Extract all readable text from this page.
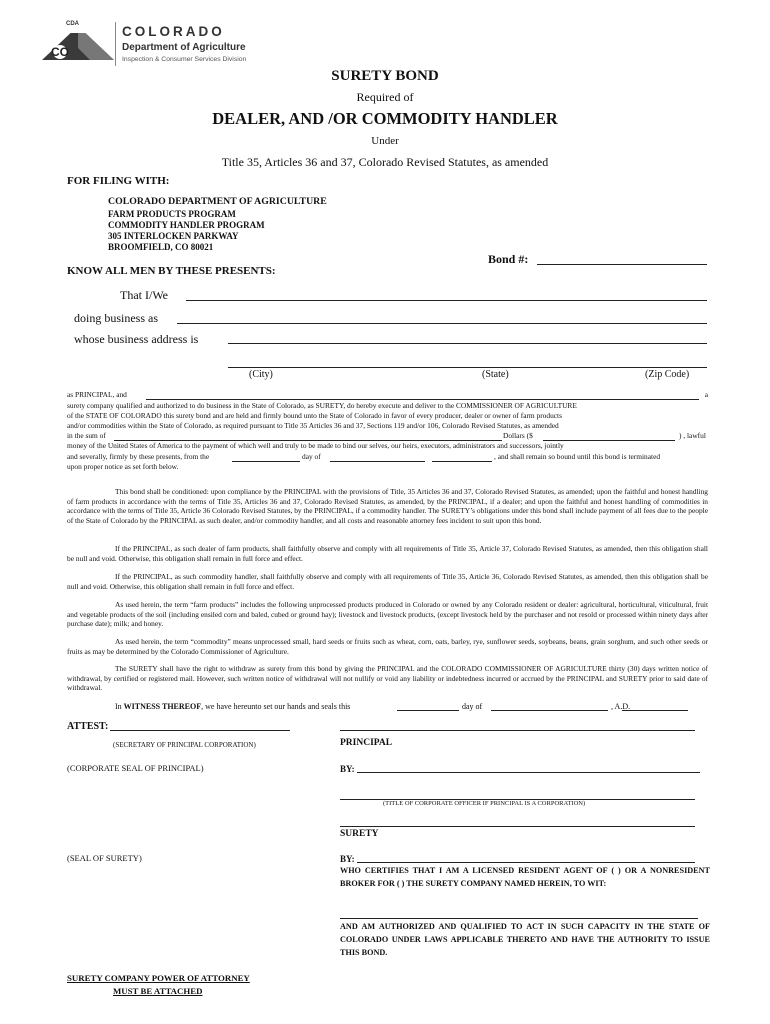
CDA
CO
COLORADO
Department of Agriculture
Inspection & Consumer Services Division
SURETY BOND
Required of
DEALER, AND /OR COMMODITY HANDLER
Under
Title 35, Articles 36 and 37, Colorado Revised Statutes, as amended
FOR FILING WITH:
COLORADO DEPARTMENT OF AGRICULTURE
FARM PRODUCTS PROGRAM
COMMODITY HANDLER PROGRAM
305 INTERLOCKEN PARKWAY
BROOMFIELD, CO 80021
Bond #:
KNOW ALL MEN BY THESE PRESENTS:
That I/We
doing business as
whose business address is
(City)	(State)	(Zip Code)
as PRINCIPAL, and	a
surety company qualified and authorized to do business in the State of Colorado, as SURETY, do hereby execute and deliver to the COMMISSIONER OF AGRICULTURE
of the STATE OF COLORADO this surety bond and are held and firmly bound unto the State of Colorado in favor of every producer, dealer or owner of farm products
and/or commodities within the State of Colorado, as required pursuant to Title 35 Articles 36 and 37, Sections 119 and/or 106, Colorado Revised Statutes, as amended
in the sum of	Dollars ($	) , lawful
money of the United States of America to the payment of which well and truly to be made to bind our selves, our heirs, executors, administrators and successors, jointly
and severally, firmly by these presents, from the	day of	, and shall remain so bound until this bond is terminated
upon proper notice as set forth below.
This bond shall be conditioned: upon compliance by the PRINCIPAL with the provisions of Title, 35 Articles 36 and 37, Colorado Revised Statutes, as amended; upon the faithful and honest handling of farm products in accordance with the terms of Title 35, Articles 36 and 37, Colorado Revised Statutes, as amended, by the PRINCIPAL, if a dealer; and upon the faithful and honest handling of commodities in accordance with the terms of Title 35, Article 36 Colorado Revised Statutes, by the PRINCIPAL, if a commodity handler. The SURETY’s obligations under this bond shall include payment of all fees due to the people of the State of Colorado by the PRINCIPAL as such dealer, and/or commodity handler, and all costs and reasonable attorney fees incident to suit upon this bond.
If the PRINCIPAL, as such dealer of farm products, shall faithfully observe and comply with all requirements of Title 35, Article 37, Colorado Revised Statutes, as amended, then this obligation shall be null and void. Otherwise, this obligation shall remain in full force and effect.
If the PRINCIPAL, as such commodity handler, shall faithfully observe and comply with all requirements of Title 35, Article 36, Colorado Revised Statutes, as amended, then this obligation shall be null and void. Otherwise, this obligation shall remain in full force and effect.
As used herein, the term “farm products” includes the following unprocessed products produced in Colorado or owned by any Colorado resident or dealer: agricultural, horticultural, viticultural, fruit and vegetable products of the soil (including ensiled corn and baled, cubed or ground hay); livestock and livestock products, (except livestock held by the purchaser and not resold or processed within ninety days after purchase date); milk; and honey.
As used herein, the term “commodity” means unprocessed small, hard seeds or fruits such as wheat, corn, oats, barley, rye, sunflower seeds, soybeans, beans, grain sorghum, and such other seeds or fruits as may be determined by the Colorado Commissioner of Agriculture.
The SURETY shall have the right to withdraw as surety from this bond by giving the PRINCIPAL and the COLORADO COMMISSIONER OF AGRICULTURE thirty (30) days written notice of withdrawal, by certified or registered mail. However, such written notice of withdrawal will not nullify or void any liability or indebtedness incurred or accrued by the PRINCIPAL and SURETY prior to said date of withdrawal.
In WITNESS THEREOF, we have hereunto set our hands and seals this	day of	, A.D.
ATTEST:
(SECRETARY OF PRINCIPAL CORPORATION)	PRINCIPAL
(CORPORATE SEAL OF PRINCIPAL)	BY:
(TITLE OF CORPORATE OFFICER IF PRINCIPAL IS A CORPORATION)
SURETY
(SEAL OF SURETY)	BY:
WHO CERTIFIES THAT I AM A LICENSED RESIDENT AGENT OF ( ) OR A NONRESIDENT BROKER FOR ( ) THE SURETY COMPANY NAMED HEREIN, TO WIT:
AND AM AUTHORIZED AND QUALIFIED TO ACT IN SUCH CAPACITY IN THE STATE OF COLORADO UNDER LAWS APPLICABLE THERETO AND HAVE THE AUTHORITY TO ISSUE THIS BOND.
SURETY COMPANY POWER OF ATTORNEY
MUST BE ATTACHED
